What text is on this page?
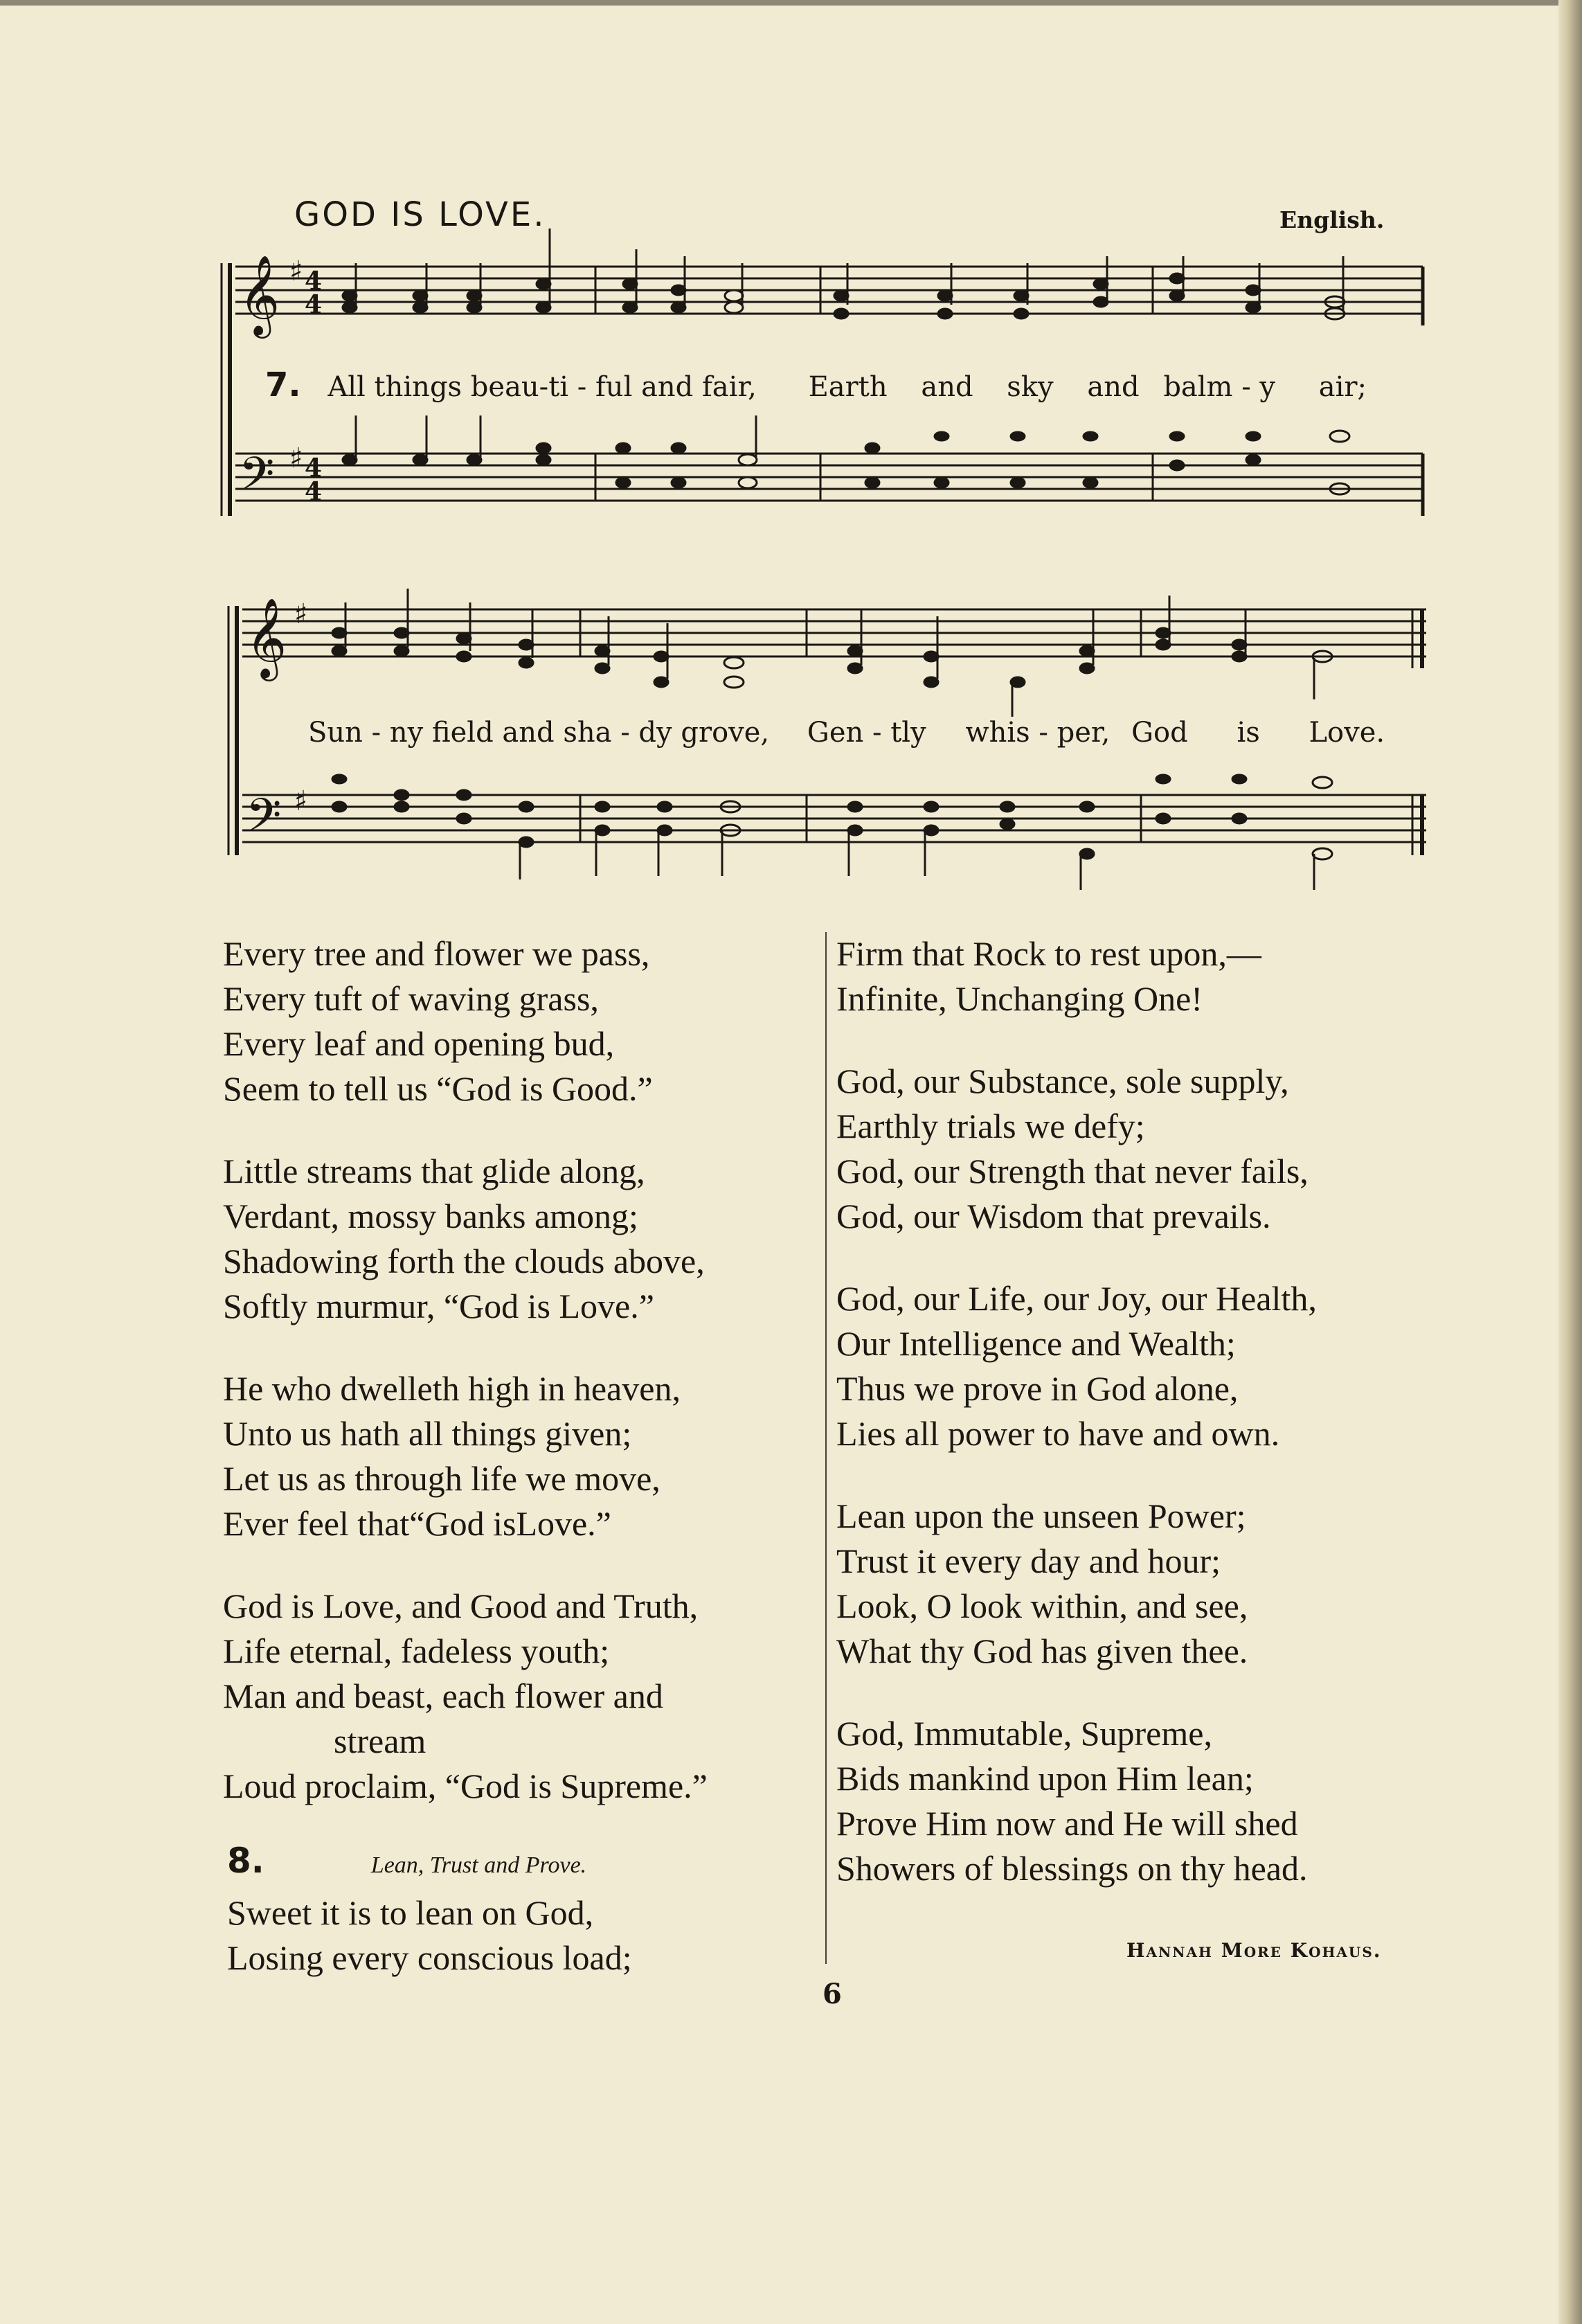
GOD IS LOVE.	English.
𝄞 4
4
𝄢 4
4
𝄞
𝄢
♯
♯
♯
♯
7. All things beau-ti - ful and fair, Earth and sky and balm - y air;
Sun - ny field and sha - dy grove, Gen - tly whis - per, God is Love.
Every tree and flower we pass,
Every tuft of waving grass,
Every leaf and opening bud,
Seem to tell us “God is Good.”
Little streams that glide along,
Verdant, mossy banks among;
Shadowing forth the clouds above,
Softly murmur, “God is Love.”
He who dwelleth high in heaven,
Unto us hath all things given;
Let us as through life we move,
Ever feel that“God isLove.”
God is Love, and Good and Truth,
Life eternal, fadeless youth;
Man and beast, each flower and
stream
Loud proclaim, “God is Supreme.”
8.	Lean, Trust and Prove.
Sweet it is to lean on God,
Losing every conscious load;
Firm that Rock to rest upon,—
Infinite, Unchanging One!
God, our Substance, sole supply,
Earthly trials we defy;
God, our Strength that never fails,
God, our Wisdom that prevails.
God, our Life, our Joy, our Health,
Our Intelligence and Wealth;
Thus we prove in God alone,
Lies all power to have and own.
Lean upon the unseen Power;
Trust it every day and hour;
Look, O look within, and see,
What thy God has given thee.
God, Immutable, Supreme,
Bids mankind upon Him lean;
Prove Him now and He will shed
Showers of blessings on thy head.
Hannah More Kohaus.
6
